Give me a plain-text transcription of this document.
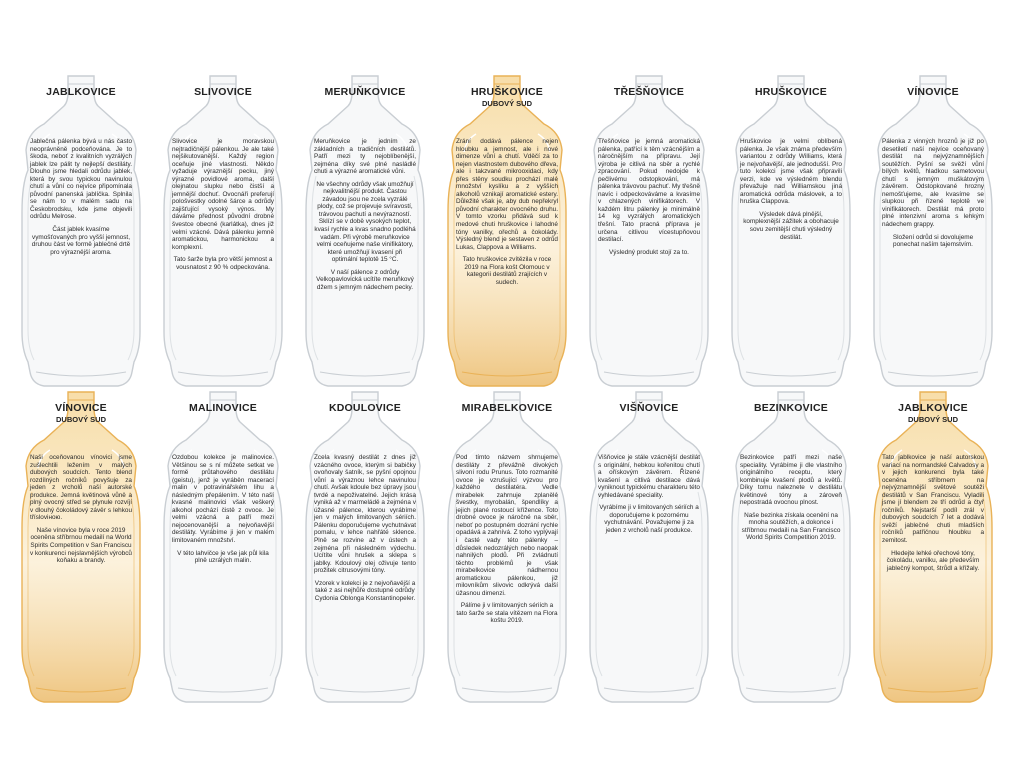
JABLKOVICE

Jablečná pálenka bývá u nás často neoprávněně podceňována. Je to škoda, neboť z kvalitních vyzrálých jablek lze pálit ty nejlepší destiláty. Dlouho jsme hledali odrůdu jablek, která by svou typickou navinulou chutí a vůní co nejvíce připomínala původní panenská jablíčka. Splnila se nám to v malém sadu na Českobrodsku, kde jsme objevili odrůdu Melrose.

Část jablek kvasíme vymošťovaných pro vyšší jemnost, druhou část ve formě jablečné drtě pro výraznější aroma.

SLIVOVICE

Slivovice je moravskou nejtradičnější pálenkou. Je ale také nejšikutovanější. Každý region oceňuje jiné vlastnosti. Někdo vyžaduje výraznější pecku, jiný výrazné povidlové aroma, další olejnatou slupku nebo čistší a jemnější dochuť. Ovocnáři preferují pološvestky odolné šárce a odrůdy zajišťující vysoký výnos. My dáváme přednost původní drobné švestce obecné (karlátka), dnes již velmi vzácné. Dává pálenku jemně aromatickou, harmonickou a komplexní.

Tato šarže byla pro větší jemnost a vousnatost z 90 % odpeckována.

MERUŇKOVICE

Meruňkovice je jedním ze základních a tradičních destilátů. Patří mezi ty nejoblíbenější, zejména díky své plné nasládlé chuti a výrazné aromatické vůni.

Ne všechny odrůdy však umožňují nejkvalitnější produkt. Častou závadou jsou ne zcela vyzrálé plody, což se projevuje svíravostí, trávovou pachutí a nevýrazností. Sklízí se v době vysokých teplot, kvasí rychle a kvas snadno podléhá vadám. Při výrobě meruňkovice velmi oceňujeme naše vinifikátory, které umožňují kvasení při optimální teplotě 15 °C.

V naší pálence z odrůdy Velkopavlovická ucítíte meruňkový džem s jemným nádechem pecky.

HRUŠKOVICE
DUBOVÝ SUD

Zrání dodává pálence nejen hloubku a jemnost, ale i nové dimenze vůní a chutí. Vděčí za to nejen vlastnostem dubového dřeva, ale i takzvané mikrooxidaci, kdy přes stěny soudku prochází malé množství kyslíku a z vyšších alkoholů vznikají aromatické estery. Důležité však je, aby dub nepřekryl původní charakter ovocného druhu. V tomto vzorku přidává sud k medové chuti hruškovice i lahodné tóny vanilky, ořechů a čokolády. Výsledný blend je sestaven z odrůd Lukas, Clappova a Williams.

Tato hruškovice zvítězila v roce 2019 na Flora košt Olomouc v kategorii destilátů zrajících v sudech.

TŘEŠŇOVICE

Třešňovice je jemná aromatická pálenka, patřící k těm vzácnějším a náročnějším na přípravu. Její výroba je citlivá na sběr a rychlé zpracování. Pokud nedojde k pečlivému odstopkování, má pálenka trávovou pachuť. My třešně navíc i odpeckováváme a kvasíme v chlazených vinifikátorech. V každém litru pálenky je minimálně 14 kg vyzrálých aromatických třešní. Tato pracná příprava je určena citlivou vícestupňovou destilací.

Výsledný produkt stojí za to.

HRUŠKOVICE

Hruškovice je velmi oblíbená pálenka. Je však známa především variantou z odrůdy Williams, která je nejvoňavější, ale jednodušší. Pro tuto kolekci jsme však připravili verzi, kde ve výsledném blendu převažuje nad Williamskou jiná aromatická odrůda máslovek, a to hruška Clappova.

Výsledek dává plnější, komplexnější zážitek a obohacuje sovu zemitější chuti výsledný destilát.

VÍNOVICE

Pálenka z vinných hroznů je již po desetiletí naší nejvíce oceňovaný destilát na nejvýznamnějších soutěžích. Pyšní se svěží vůní bílých květů, hladkou sametovou chutí s jemným muškátovým závěrem. Odstopkované hrozny nemošťujeme, ale kvasíme se slupkou při řízené teplotě ve vinifikátorech. Destilát má proto plné intenzivní aroma s lehkým nádechem grappy.

Složení odrůd si dovolujeme ponechat naším tajemstvím.

VÍNOVICE
DUBOVÝ SUD

Naši oceňovanou vínovici jsme zušlechtili ležením v malých dubových soudcích. Tento blend rozdílných ročníků povyšuje za jeden z vrcholů naší autorské produkce. Jemná květinová vůně a plný ovocný střed se plynule rozvíjí v dlouhý čokoládový závěr s lehkou třísloviною.

Naše vínovice byla v roce 2019 oceněna stříbrnou medailí na World Spirits Competition v San Franciscu v konkurenci nejslavnějších výrobců koňaku a brandy.

MALINOVICE

Ozdobou kolekce je malinovice. Většinou se s ní můžete setkat ve formě průtahového destilátu (geistu), jenž je vyráběn macerací malin v potravinářském lihu a následným přepálením. V této naší kvasné malinovici však veškerý alkohol pochází čistě z ovoce. Je velmi vzácná a patří mezi nejocenovanější a nejvoňavější destiláty. Vyrábíme ji jen v malém limitovaném množství.

V této lahvičce je vše jak půl kila plně uzrálých malin.

KDOULOVICE

Zcela kvasný destilát z dnes již vzácného ovoce, kterým si babičky ovoňovaly šatník, se pyšní opojnou vůní a výraznou lehce navinulou chutí. Avšak kdoule bez úpravy jsou tvrdé a nepoživatelné. Jejich krása vyniká až v marmeládě a zejména v úžasné pálence, kterou vyrábíme jen v malých limitovaných sériích. Pálenku doporučujeme vychutnávat pomalu, v lehce nahřáté sklence. Plně se rozvine až v ústech a zejména při následném výdechu. Ucítíte vůni hrušek a sklepa s jablky. Kdoulový olej oživuje tento prožitek citrusovými tóny.

Vzorek v kolekci je z nejvoňavější a také z asi nejhůře dostupné odrůdy Cydonia Oblonga Konstantinopeler.

MIRABELKOVICE

Pod tímto názvem shrnujeme destiláty z převážně divokých slivoní rodu Prunus. Toto rozmanité ovoce je vzrušující výzvou pro každého destilatéra. Vedle mirabelek zahrnuje zplanělé švestky, myrobalán, špendlíky a jejich plané rostoucí křížence. Toto drobné ovoce je náročné na sběr, neboť po postupném dozrání rychle opadává a zahnívá. Z toho vyplývají i časté vady této pálenky – důsledek nedozrálých nebo naopak nahnilých plodů. Při zvládnutí těchto problémů je však mirabelkovice nádhernou aromatickou pálenkou, již milovníkům slivovic odkrývá další úžasnou dimenzi.

Pálíme ji v limitovaných sériích a tato šarže se stala vítězem na Flora koštu 2019.

VIŠŇOVICE

Višňovice je stále vzácnější destilát s originální, hebkou kořenitou chutí a ořískovým závěrem. Řízené kvašení a citlivá destilace dává vyniknout typickému charakteru této vyhledávané speciality.

Vyrábíme ji v limitovaných sériích a doporučujeme k pozornému vychutnávání. Považujeme ji za jeden z vrcholů naší produkce.

BEZINKOVICE

Bezinkovice patří mezi naše speciality. Vyrábíme ji dle vlastního originálního receptu, který kombinuje kvašení plodů a květů. Díky tomu naleznete v destilátu květinové tóny a zároveň nepostradá ovocnou plnost.

Naše bezinka získala ocenění na mnoha soutěžích, a dokonce i stříbrnou medaili na San Francisco World Spirits Competition 2019.

JABLKOVICE
DUBOVÝ SUD

Tato jablkovice je naší autorskou variací na normandské Calvadosy a v jejich konkurenci byla také oceněna stříbrnem na nejvýznamnější světové soutěži destilátů v San Franciscu. Vyladili jsme jí blendem ze tří odrůd a čtyř ročníků. Nejstarší podíl zrál v dubových soudcích 7 let a dodává svěží jablečné chuti mladších ročníků patřičnou hloubku a zemitost.

Hledejte lehké ořechové tóny, čokoládu, vanilku, ale především jablečný kompot, štrůdl a křížaly.
